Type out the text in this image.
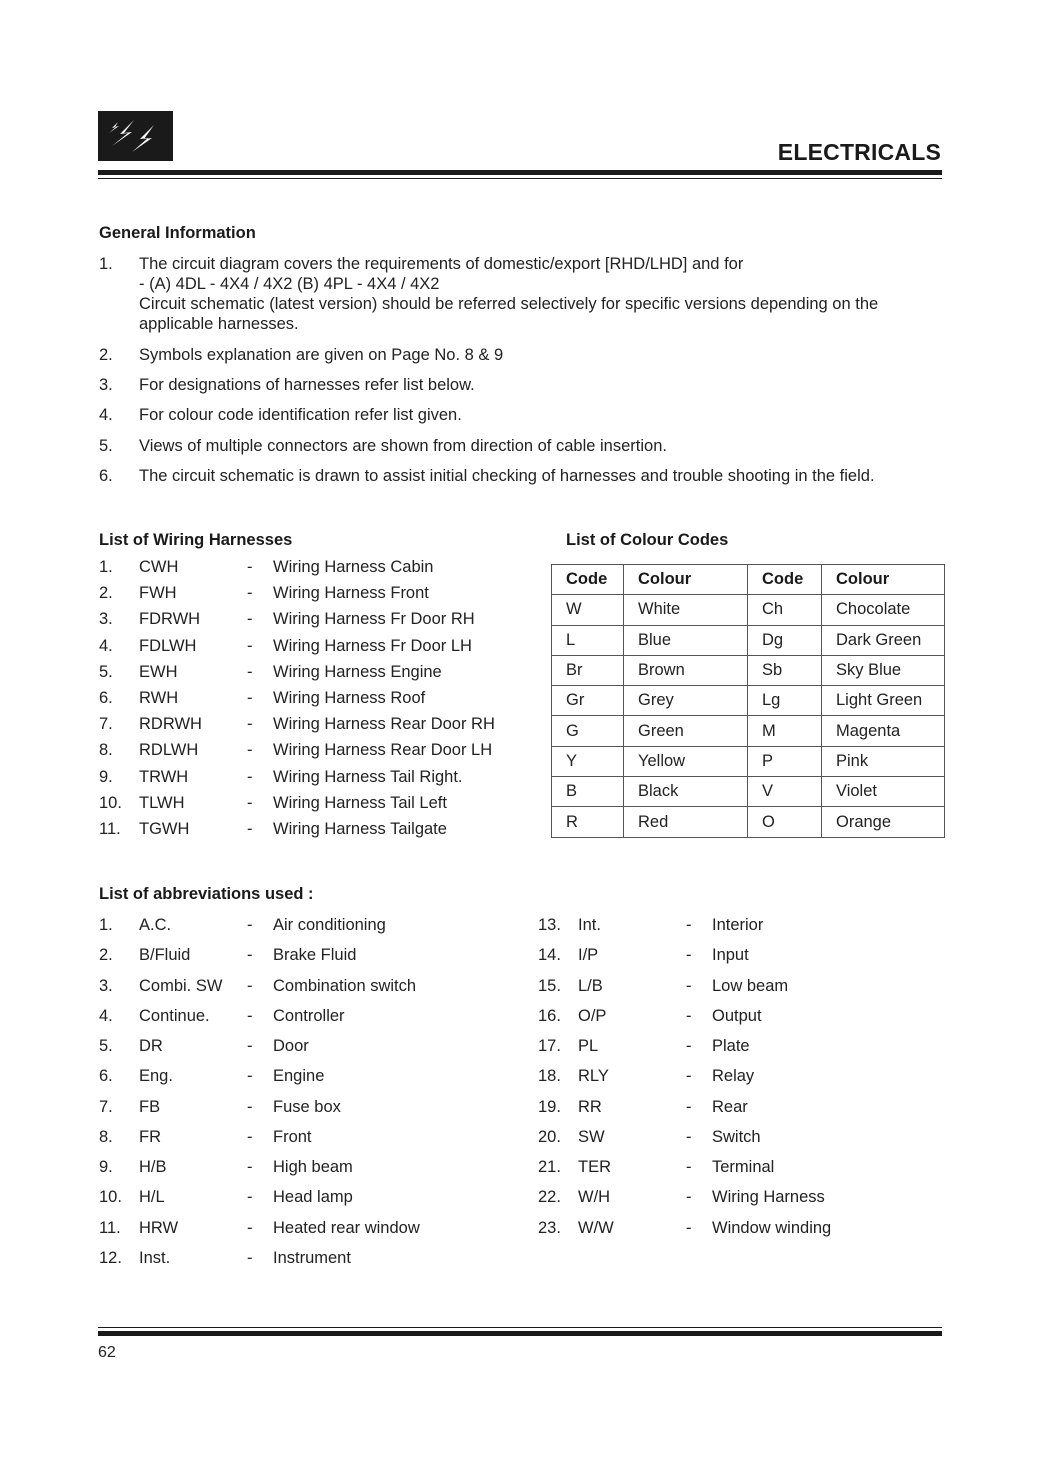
ELECTRICALS
General Information
1. The circuit diagram covers the requirements of domestic/export [RHD/LHD] and for
- (A) 4DL - 4X4 / 4X2 (B) 4PL - 4X4 / 4X2
Circuit schematic (latest version) should be referred selectively for specific versions depending on the
applicable harnesses.
2. Symbols explanation are given on Page No. 8 & 9
3. For designations of harnesses refer list below.
4. For colour code identification refer list given.
5. Views of multiple connectors are shown from direction of cable insertion.
6. The circuit schematic is drawn to assist initial checking of harnesses and trouble shooting in the field.
List of Wiring Harnesses
1. CWH	- Wiring Harness Cabin
2. FWH	- Wiring Harness Front
3. FDRWH	- Wiring Harness Fr Door RH
4. FDLWH	- Wiring Harness Fr Door LH
5. EWH	- Wiring Harness Engine
6. RWH	- Wiring Harness Roof
7. RDRWH	- Wiring Harness Rear Door RH
8. RDLWH	- Wiring Harness Rear Door LH
9. TRWH	- Wiring Harness Tail Right.
10. TLWH	- Wiring Harness Tail Left
11. TGWH	- Wiring Harness Tailgate
List of Colour Codes
Code	Colour	Code	Colour
W	White	Ch	Chocolate
L	Blue	Dg	Dark Green
Br	Brown	Sb	Sky Blue
Gr	Grey	Lg	Light Green
G	Green	M	Magenta
Y	Yellow	P	Pink
B	Black	V	Violet
R	Red	O	Orange
List of abbreviations used :
1. A.C.	- Air conditioning
2. B/Fluid	- Brake Fluid
3. Combi. SW - Combination switch
4. Continue. - Controller
5. DR	- Door
6. Eng.	- Engine
7. FB	- Fuse box
8. FR	- Front
9. H/B	- High beam
10. H/L	- Head lamp
11. HRW	- Heated rear window
12. Inst.	- Instrument
13. Int.	- Interior
14. I/P	- Input
15. L/B	- Low beam
16. O/P	- Output
17. PL	- Plate
18. RLY	- Relay
19. RR	- Rear
20. SW	- Switch
21. TER	- Terminal
22. W/H	- Wiring Harness
23. W/W	- Window winding
62
